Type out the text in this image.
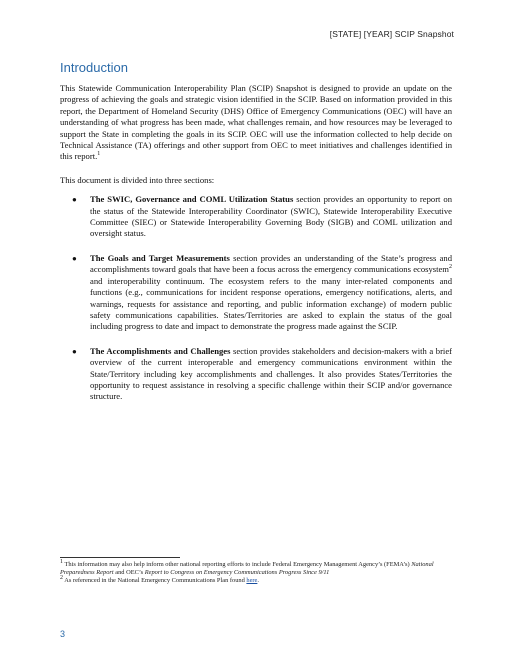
[STATE] [YEAR] SCIP Snapshot
Introduction

This Statewide Communication Interoperability Plan (SCIP) Snapshot is designed to provide an update on the progress of achieving the goals and strategic vision identified in the SCIP. Based on information provided in this report, the Department of Homeland Security (DHS) Office of Emergency Communications (OEC) will have an understanding of what progress has been made, what challenges remain, and how resources may be leveraged to support the State in completing the goals in its SCIP. OEC will use the information collected to help decide on Technical Assistance (TA) offerings and other support from OEC to meet initiatives and challenges identified in this report.$^1$

This document is divided into three sections:

● The SWIC, Governance and COML Utilization Status section provides an opportunity to report on the status of the Statewide Interoperability Coordinator (SWIC), Statewide Interoperability Executive Committee (SIEC) or Statewide Interoperability Governing Body (SIGB) and COML utilization and oversight status.
● The Goals and Target Measurements section provides an understanding of the State’s progress and accomplishments toward goals that have been a focus across the emergency communications ecosystem$^2$ and interoperability continuum. The ecosystem refers to the many inter-related components and functions (e.g., communications for incident response operations, emergency notifications, alerts, and warnings, requests for assistance and reporting, and public information exchange) of modern public safety communications capabilities. States/Territories are asked to explain the status of the goal including progress to date and impact to demonstrate the progress made against the SCIP.
● The Accomplishments and Challenges section provides stakeholders and decision-makers with a brief overview of the current interoperable and emergency communications environment within the State/Territory including key accomplishments and challenges. It also provides States/Territories the opportunity to request assistance in resolving a specific challenge within their SCIP and/or governance structure.

$^1$ This information may also help inform other national reporting efforts to include Federal Emergency Management Agency’s (FEMA’s) National Preparedness Report and OEC’s Report to Congress on Emergency Communications Progress Since 9/11

$^2$ As referenced in the National Emergency Communications Plan found here.

3
